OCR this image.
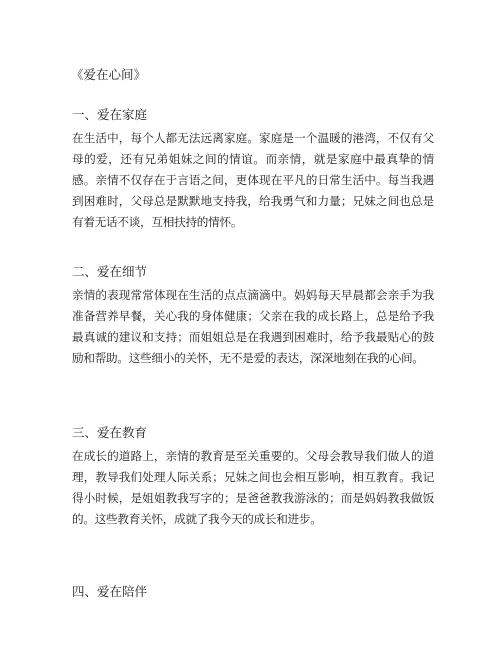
《爱在心间》
一、爱在家庭
在生活中，每个人都无法远离家庭。家庭是一个温暖的港湾，不仅有父母的爱，还有兄弟姐妹之间的情谊。而亲情，就是家庭中最真挚的情感。亲情不仅存在于言语之间，更体现在平凡的日常生活中。每当我遇到困难时，父母总是默默地支持我，给我勇气和力量；兄妹之间也总是有着无话不谈，互相扶持的情怀。
二、爱在细节
亲情的表现常常体现在生活的点点滴滴中。妈妈每天早晨都会亲手为我准备营养早餐，关心我的身体健康；父亲在我的成长路上，总是给予我最真诚的建议和支持；而姐姐总是在我遇到困难时，给予我最贴心的鼓励和帮助。这些细小的关怀，无不是爱的表达，深深地刻在我的心间。
三、爱在教育
在成长的道路上，亲情的教育是至关重要的。父母会教导我们做人的道理，教导我们处理人际关系；兄妹之间也会相互影响，相互教育。我记得小时候，是姐姐教我写字的；是爸爸教我游泳的；而是妈妈教我做饭的。这些教育关怀，成就了我今天的成长和进步。
四、爱在陪伴
